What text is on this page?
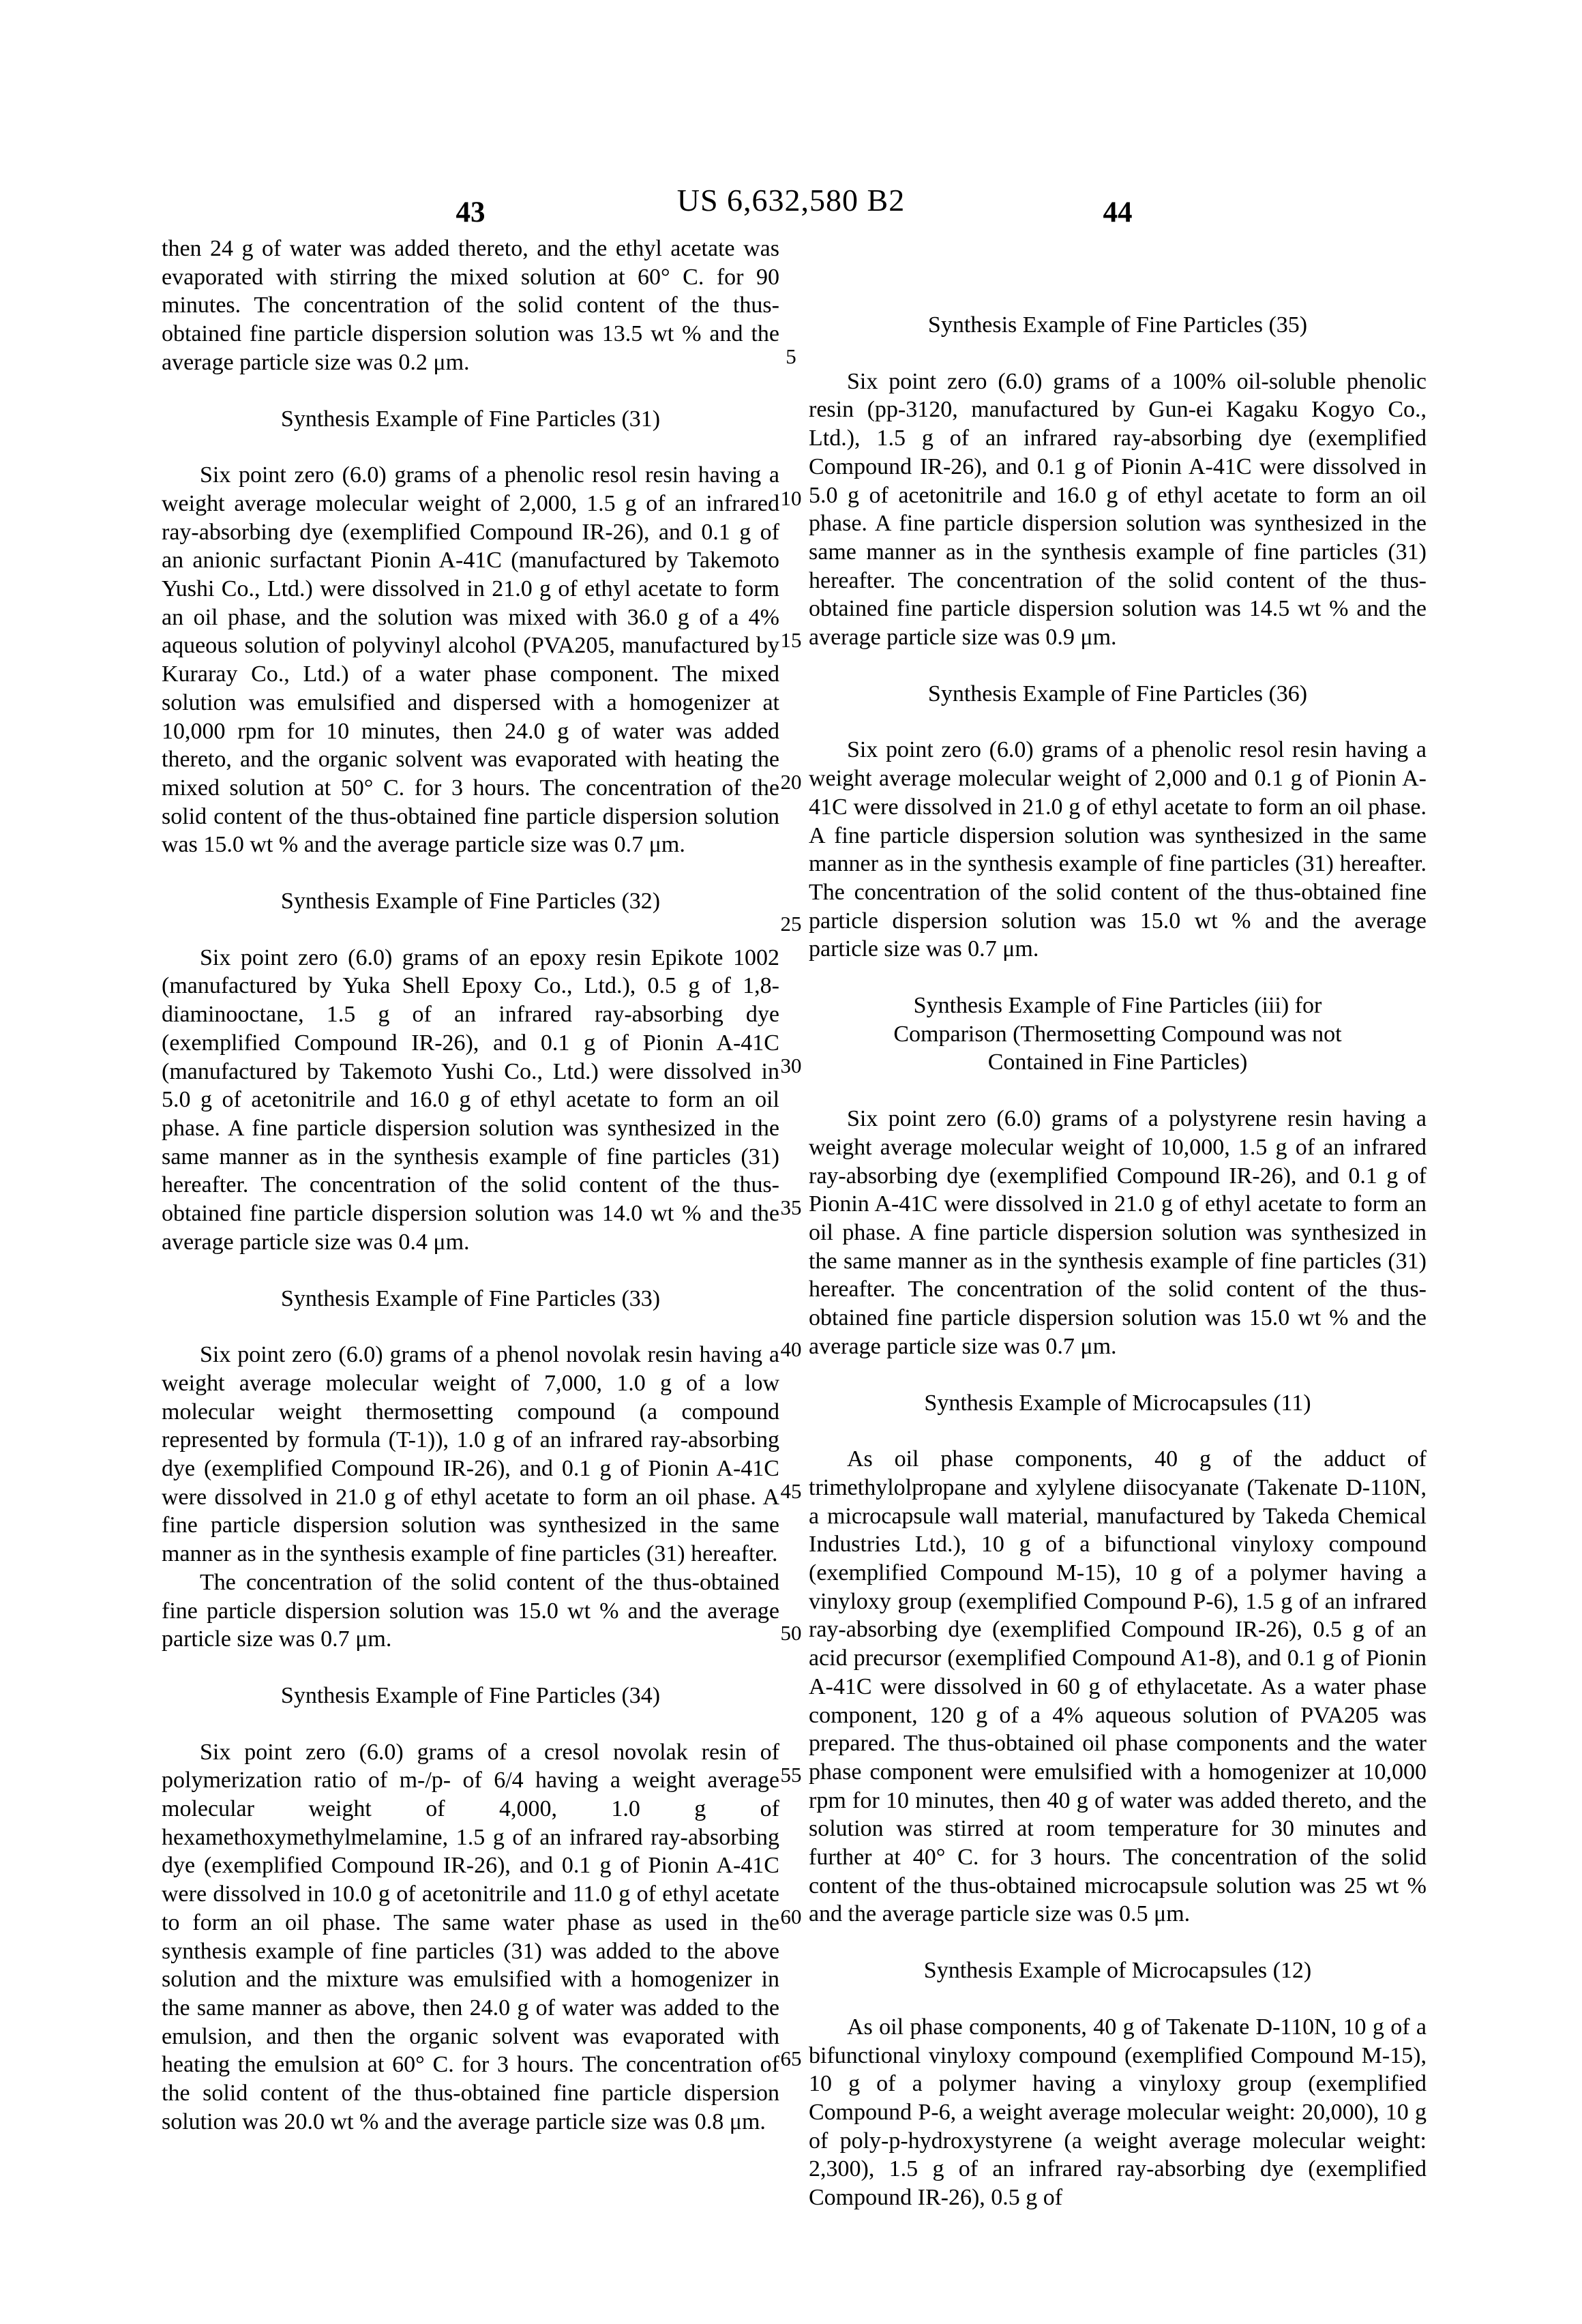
US 6,632,580 B2
43

then 24 g of water was added thereto, and the ethyl acetate was evaporated with stirring the mixed solution at 60° C. for 90 minutes. The concentration of the solid content of the thus-obtained fine particle dispersion solution was 13.5 wt % and the average particle size was 0.2 μm.

Synthesis Example of Fine Particles (31)

Six point zero (6.0) grams of a phenolic resol resin having a weight average molecular weight of 2,000, 1.5 g of an infrared ray-absorbing dye (exemplified Compound IR-26), and 0.1 g of an anionic surfactant Pionin A-41C (manufactured by Takemoto Yushi Co., Ltd.) were dissolved in 21.0 g of ethyl acetate to form an oil phase, and the solution was mixed with 36.0 g of a 4% aqueous solution of polyvinyl alcohol (PVA205, manufactured by Kuraray Co., Ltd.) of a water phase component. The mixed solution was emulsified and dispersed with a homogenizer at 10,000 rpm for 10 minutes, then 24.0 g of water was added thereto, and the organic solvent was evaporated with heating the mixed solution at 50° C. for 3 hours. The concentration of the solid content of the thus-obtained fine particle dispersion solution was 15.0 wt % and the average particle size was 0.7 μm.

Synthesis Example of Fine Particles (32)

Six point zero (6.0) grams of an epoxy resin Epikote 1002 (manufactured by Yuka Shell Epoxy Co., Ltd.), 0.5 g of 1,8-diaminooctane, 1.5 g of an infrared ray-absorbing dye (exemplified Compound IR-26), and 0.1 g of Pionin A-41C (manufactured by Takemoto Yushi Co., Ltd.) were dissolved in 5.0 g of acetonitrile and 16.0 g of ethyl acetate to form an oil phase. A fine particle dispersion solution was synthesized in the same manner as in the synthesis example of fine particles (31) hereafter. The concentration of the solid content of the thus-obtained fine particle dispersion solution was 14.0 wt % and the average particle size was 0.4 μm.

Synthesis Example of Fine Particles (33)

Six point zero (6.0) grams of a phenol novolak resin having a weight average molecular weight of 7,000, 1.0 g of a low molecular weight thermosetting compound (a compound represented by formula (T-1)), 1.0 g of an infrared ray-absorbing dye (exemplified Compound IR-26), and 0.1 g of Pionin A-41C were dissolved in 21.0 g of ethyl acetate to form an oil phase. A fine particle dispersion solution was synthesized in the same manner as in the synthesis example of fine particles (31) hereafter.

The concentration of the solid content of the thus-obtained fine particle dispersion solution was 15.0 wt % and the average particle size was 0.7 μm.

Synthesis Example of Fine Particles (34)

Six point zero (6.0) grams of a cresol novolak resin of polymerization ratio of m-/p- of 6/4 having a weight average molecular weight of 4,000, 1.0 g of hexamethoxymethylmelamine, 1.5 g of an infrared ray-absorbing dye (exemplified Compound IR-26), and 0.1 g of Pionin A-41C were dissolved in 10.0 g of acetonitrile and 11.0 g of ethyl acetate to form an oil phase. The same water phase as used in the synthesis example of fine particles (31) was added to the above solution and the mixture was emulsified with a homogenizer in the same manner as above, then 24.0 g of water was added to the emulsion, and then the organic solvent was evaporated with heating the emulsion at 60° C. for 3 hours. The concentration of the solid content of the thus-obtained fine particle dispersion solution was 20.0 wt % and the average particle size was 0.8 μm.

44

Synthesis Example of Fine Particles (35)

Six point zero (6.0) grams of a 100% oil-soluble phenolic resin (pp-3120, manufactured by Gun-ei Kagaku Kogyo Co., Ltd.), 1.5 g of an infrared ray-absorbing dye (exemplified Compound IR-26), and 0.1 g of Pionin A-41C were dissolved in 5.0 g of acetonitrile and 16.0 g of ethyl acetate to form an oil phase. A fine particle dispersion solution was synthesized in the same manner as in the synthesis example of fine particles (31) hereafter. The concentration of the solid content of the thus-obtained fine particle dispersion solution was 14.5 wt % and the average particle size was 0.9 μm.

Synthesis Example of Fine Particles (36)

Six point zero (6.0) grams of a phenolic resol resin having a weight average molecular weight of 2,000 and 0.1 g of Pionin A-41C were dissolved in 21.0 g of ethyl acetate to form an oil phase. A fine particle dispersion solution was synthesized in the same manner as in the synthesis example of fine particles (31) hereafter. The concentration of the solid content of the thus-obtained fine particle dispersion solution was 15.0 wt % and the average particle size was 0.7 μm.

Synthesis Example of Fine Particles (iii) for
Comparison (Thermosetting Compound was not
Contained in Fine Particles)

Six point zero (6.0) grams of a polystyrene resin having a weight average molecular weight of 10,000, 1.5 g of an infrared ray-absorbing dye (exemplified Compound IR-26), and 0.1 g of Pionin A-41C were dissolved in 21.0 g of ethyl acetate to form an oil phase. A fine particle dispersion solution was synthesized in the same manner as in the synthesis example of fine particles (31) hereafter. The concentration of the solid content of the thus-obtained fine particle dispersion solution was 15.0 wt % and the average particle size was 0.7 μm.

Synthesis Example of Microcapsules (11)

As oil phase components, 40 g of the adduct of trimethylolpropane and xylylene diisocyanate (Takenate D-110N, a microcapsule wall material, manufactured by Takeda Chemical Industries Ltd.), 10 g of a bifunctional vinyloxy compound (exemplified Compound M-15), 10 g of a polymer having a vinyloxy group (exemplified Compound P-6), 1.5 g of an infrared ray-absorbing dye (exemplified Compound IR-26), 0.5 g of an acid precursor (exemplified Compound A1-8), and 0.1 g of Pionin A-41C were dissolved in 60 g of ethylacetate. As a water phase component, 120 g of a 4% aqueous solution of PVA205 was prepared. The thus-obtained oil phase components and the water phase component were emulsified with a homogenizer at 10,000 rpm for 10 minutes, then 40 g of water was added thereto, and the solution was stirred at room temperature for 30 minutes and further at 40° C. for 3 hours. The concentration of the solid content of the thus-obtained microcapsule solution was 25 wt % and the average particle size was 0.5 μm.

Synthesis Example of Microcapsules (12)

As oil phase components, 40 g of Takenate D-110N, 10 g of a bifunctional vinyloxy compound (exemplified Compound M-15), 10 g of a polymer having a vinyloxy group (exemplified Compound P-6, a weight average molecular weight: 20,000), 10 g of poly-p-hydroxystyrene (a weight average molecular weight: 2,300), 1.5 g of an infrared ray-absorbing dye (exemplified Compound IR-26), 0.5 g of

5
10
15
20
25
30
35
40
45
50
55
60
65
